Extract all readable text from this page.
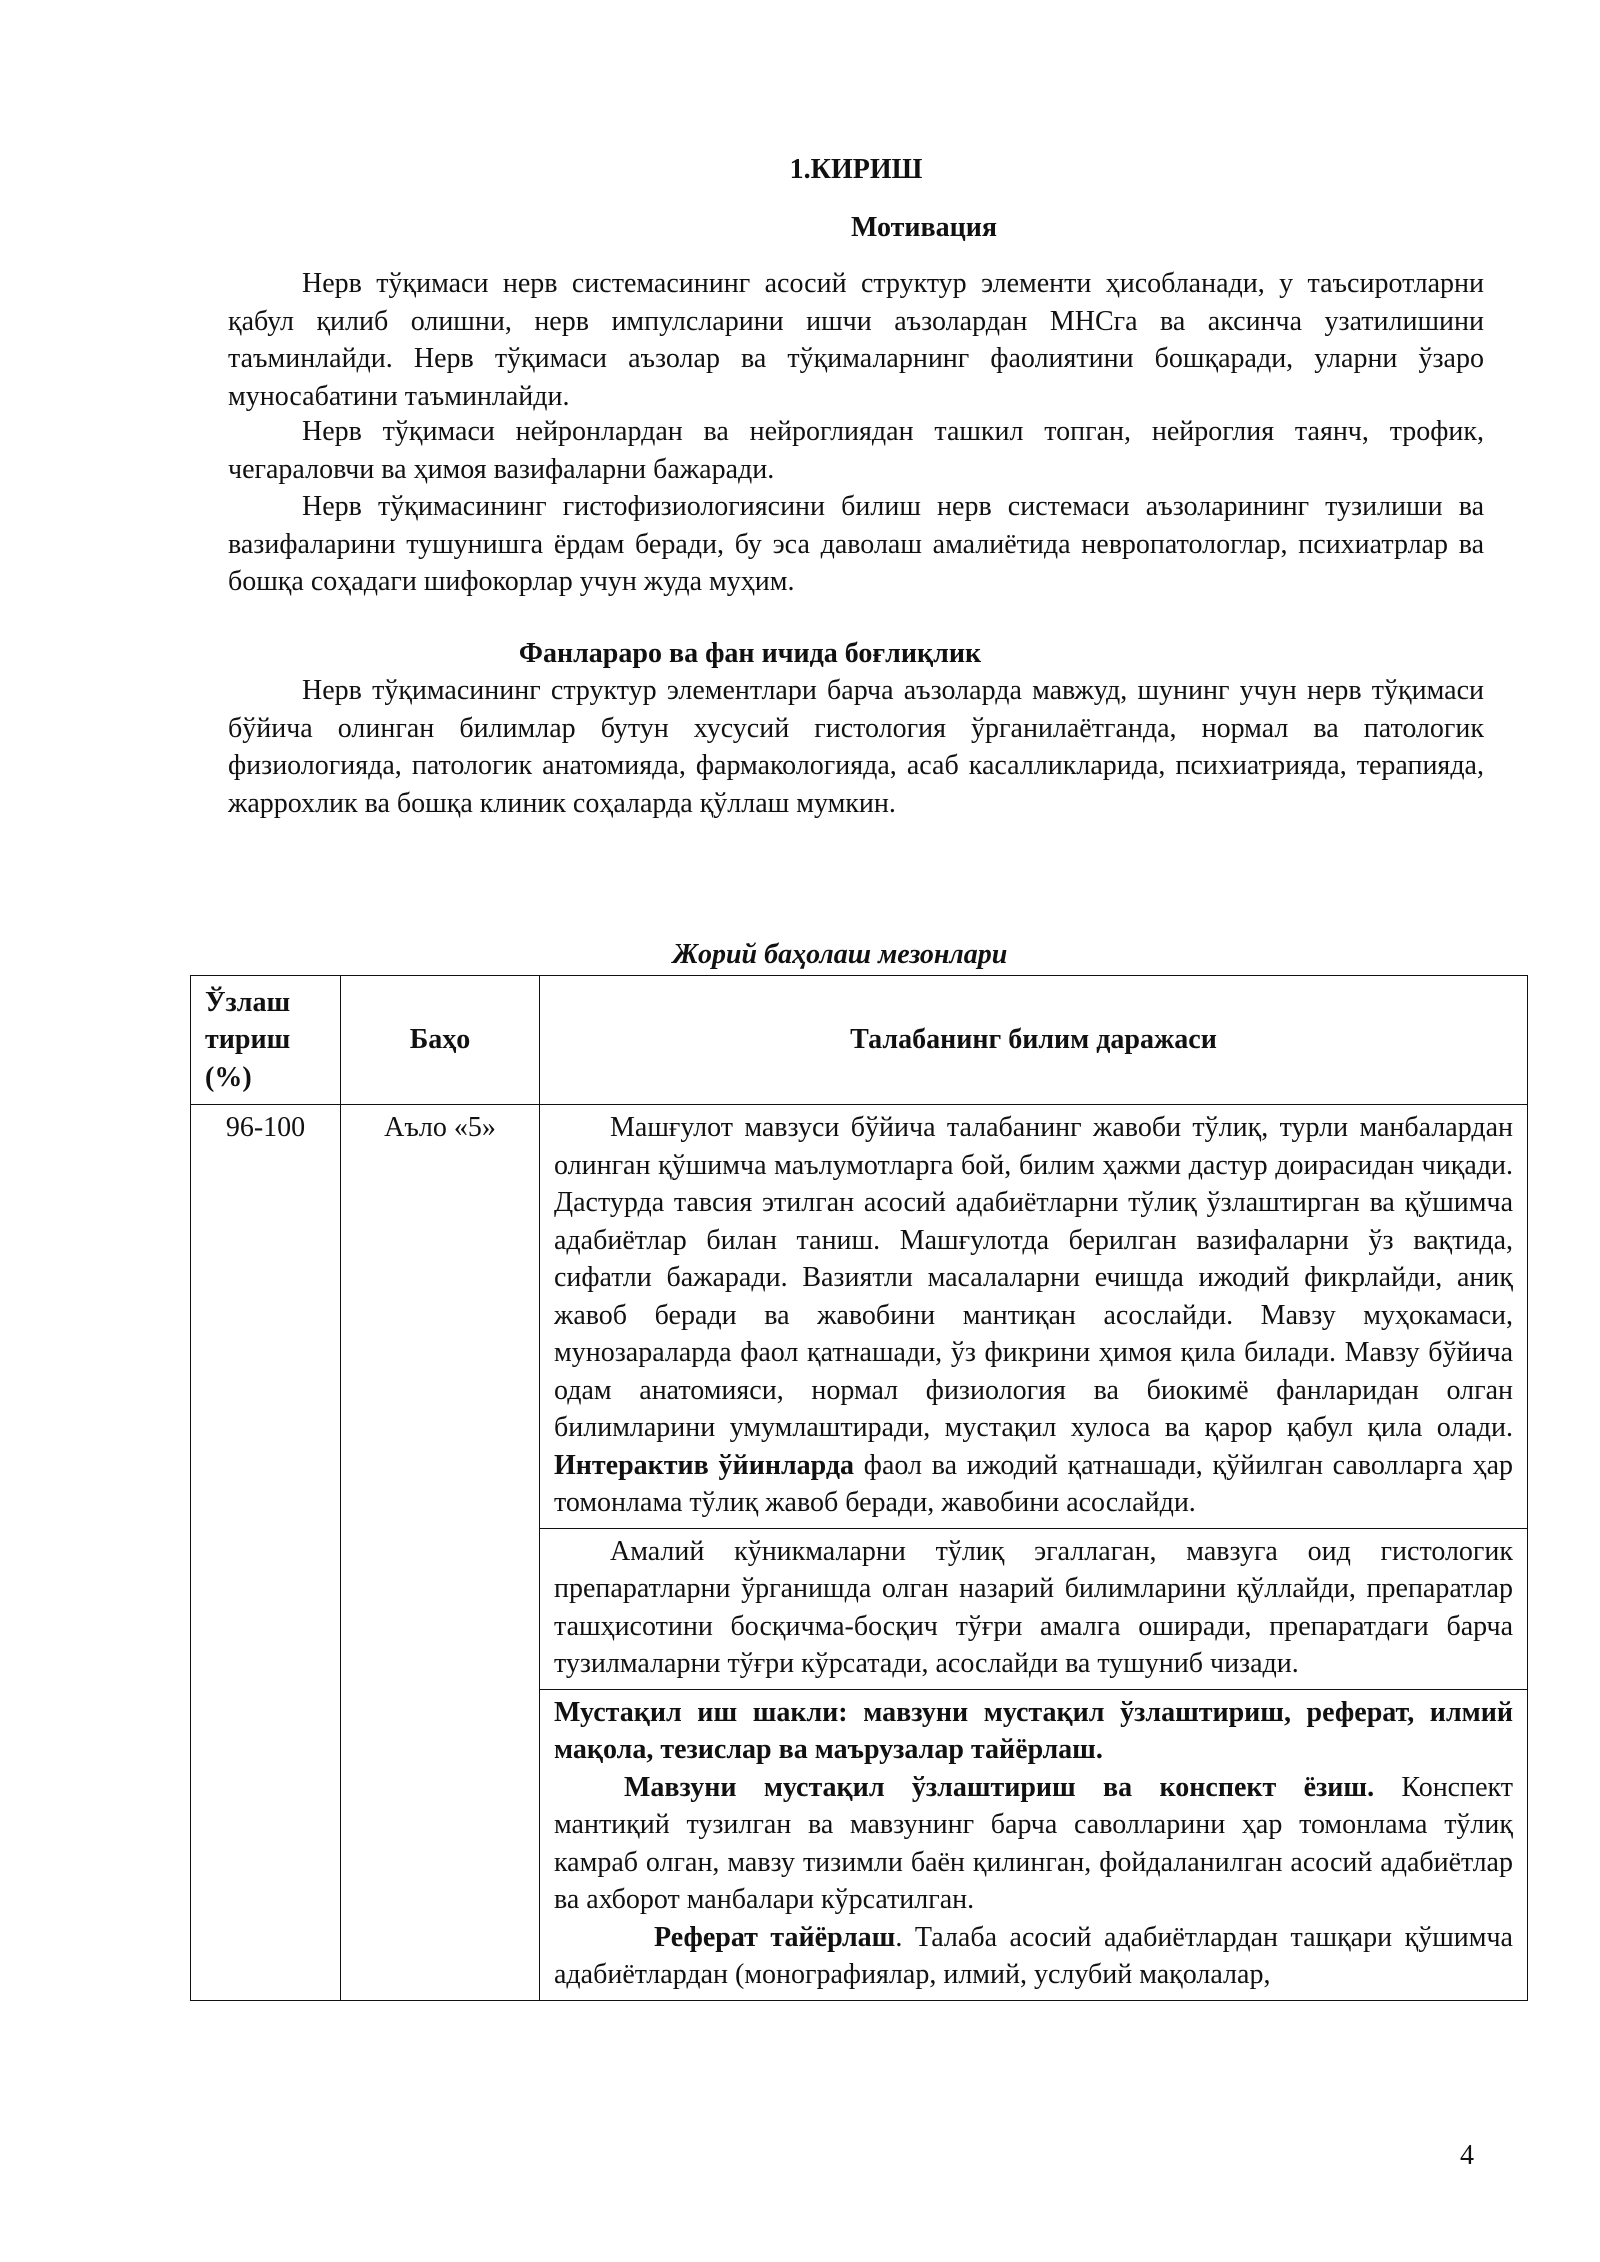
1.КИРИШ
Мотивация

Нерв тўқимаси нерв системасининг асосий структур элементи ҳисобланади, у таъсиротларни қабул қилиб олишни, нерв импулсларини ишчи аъзолардан МНСга ва аксинча узатилишини таъминлайди. Нерв тўқимаси аъзолар ва тўқималарнинг фаолиятини бошқаради, уларни ўзаро муносабатини таъминлайди.

Нерв тўқимаси нейронлардан ва нейроглиядан ташкил топган, нейроглия таянч, трофик, чегараловчи ва ҳимоя вазифаларни бажаради.

Нерв тўқимасининг гистофизиологиясини билиш нерв системаси аъзоларининг тузилиши ва вазифаларини тушунишга ёрдам беради, бу эса даволаш амалиётида невропатологлар, психиатрлар ва бошқа соҳадаги шифокорлар учун жуда муҳим.

Фанлараро ва фан ичида боғлиқлик

Нерв тўқимасининг структур элементлари барча аъзоларда мавжуд, шунинг учун нерв тўқимаси бўйича олинган билимлар бутун хусусий гистология ўрганилаётганда, нормал ва патологик физиологияда, патологик анатомияда, фармакологияда, асаб касалликларида, психиатрияда, терапияда, жаррохлик ва бошқа клиник соҳаларда қўллаш мумкин.

Жорий баҳолаш мезонлари
Ўзлаш тириш (%)	Баҳо	Талабанинг билим даражаси
96-100	Аъло «5»	Машғулот мавзуси бўйича талабанинг жавоби тўлиқ, турли манбалардан олинган қўшимча маълумотларга бой, билим ҳажми дастур доирасидан чиқади. Дастурда тавсия этилган асосий адабиётларни тўлиқ ўзлаштирган ва қўшимча адабиётлар билан таниш. Машғулотда берилган вазифаларни ўз вақтида, сифатли бажаради. Вазиятли масалаларни ечишда ижодий фикрлайди, аниқ жавоб беради ва жавобини мантиқан асослайди. Мавзу муҳокамаси, мунозараларда фаол қатнашади, ўз фикрини ҳимоя қила билади. Мавзу бўйича одам анатомияси, нормал физиология ва биокимё фанларидан олган билимларини умумлаштиради, мустақил хулоса ва қарор қабул қила олади. Интерактив ўйинларда фаол ва ижодий қатнашади, қўйилган саволларга ҳар томонлама тўлиқ жавоб беради, жавобини асослайди.

		Амалий кўникмаларни тўлиқ эгаллаган, мавзуга оид гистологик препаратларни ўрганишда олган назарий билимларини қўллайди, препаратлар ташҳисотини босқичма-босқич тўғри амалга оширади, препаратдаги барча тузилмаларни тўғри кўрсатади, асослайди ва тушуниб чизади.

		Мустақил иш шакли: мавзуни мустақил ўзлаштириш, реферат, илмий мақола, тезислар ва маърузалар тайёрлаш.

Мавзуни мустақил ўзлаштириш ва конспект ёзиш. Конспект мантиқий тузилган ва мавзунинг барча саволларини ҳар томонлама тўлиқ камраб олган, мавзу тизимли баён қилинган, фойдаланилган асосий адабиётлар ва ахборот манбалари кўрсатилган.

Реферат тайёрлаш. Талаба асосий адабиётлардан ташқари қўшимча адабиётлардан (монографиялар, илмий, услубий мақолалар,

4
